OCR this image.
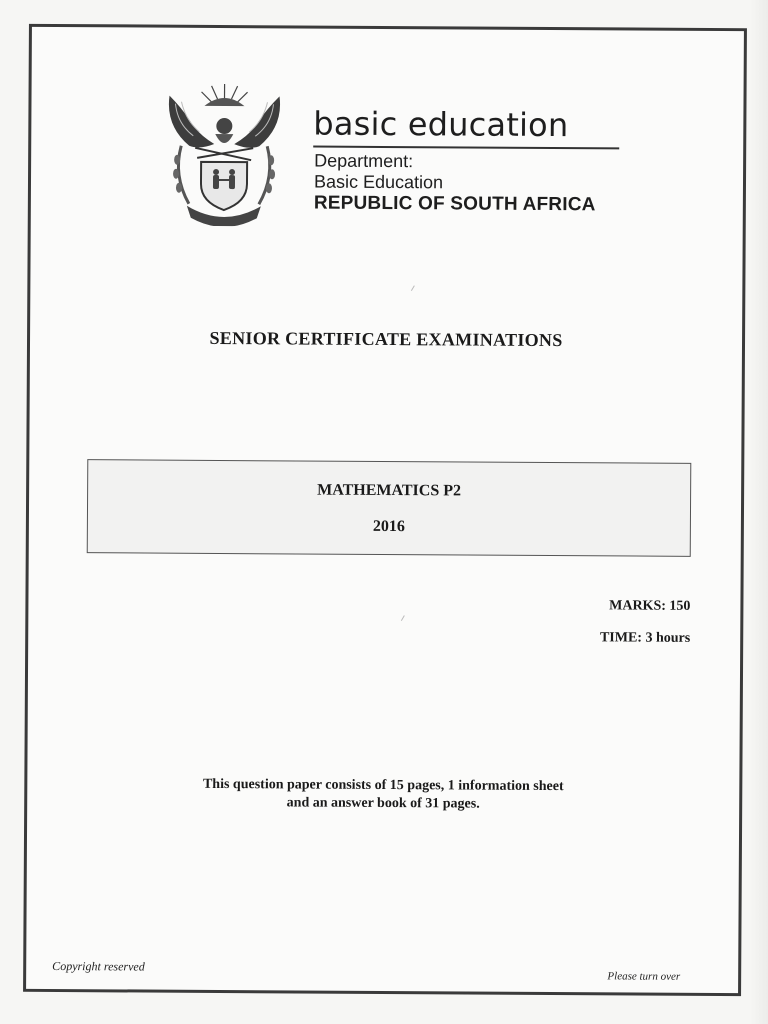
basic education
Department:
Basic Education
REPUBLIC OF SOUTH AFRICA
SENIOR CERTIFICATE EXAMINATIONS
MATHEMATICS P2
2016
MARKS: 150
TIME: 3 hours
This question paper consists of 15 pages, 1 information sheet
and an answer book of 31 pages.
Copyright reserved
Please turn over
